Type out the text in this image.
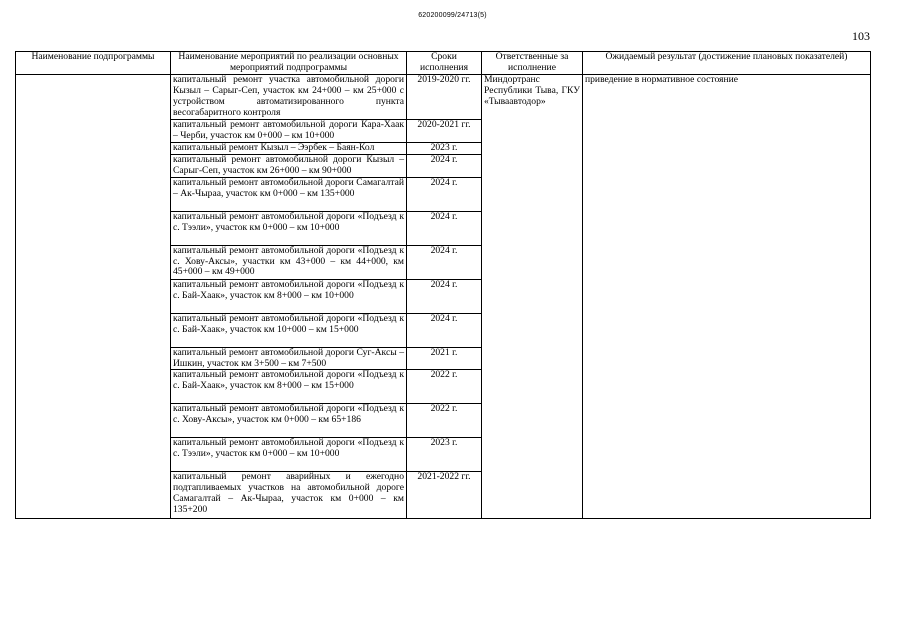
620200099/24713(5)
103
Наименование подпрограммы	Наименование мероприятий по реализации основных мероприятий подпрограммы	Сроки исполнения	Ответственные за исполнение	Ожидаемый результат (достижение плановых показателей)
	капитальный ремонт участка автомобильной дороги Кызыл – Сарыг-Сеп, участок км 24+000 – км 25+000 с устройством автоматизированного пункта весогабаритного контроля	2019-2020 гг.	Миндортранс Республики Тыва, ГКУ «Тываавтодор»	приведение в нормативное состояние
	капитальный ремонт автомобильной дороги Кара-Хаак – Черби, участок км 0+000 – км 10+000	2020-2021 гг.		
	капитальный ремонт Кызыл – Ээрбек – Баян-Кол	2023 г.		
	капитальный ремонт автомобильной дороги Кызыл – Сарыг-Сеп, участок км 26+000 – км 90+000	2024 г.		
	капитальный ремонт автомобильной дороги Самагалтай – Ак-Чыраа, участок км 0+000 – км 135+000	2024 г.		
	капитальный ремонт автомобильной дороги «Подъезд к с. Тээли», участок км 0+000 – км 10+000	2024 г.		
	капитальный ремонт автомобильной дороги «Подъезд к с. Хову-Аксы», участки км 43+000 – км 44+000, км 45+000 – км 49+000	2024 г.		
	капитальный ремонт автомобильной дороги «Подъезд к с. Бай-Хаак», участок км 8+000 – км 10+000	2024 г.		
	капитальный ремонт автомобильной дороги «Подъезд к с. Бай-Хаак», участок км 10+000 – км 15+000	2024 г.		
	капитальный ремонт автомобильной дороги Суг-Аксы – Ишкин, участок км 3+500 – км 7+500	2021 г.		
	капитальный ремонт автомобильной дороги «Подъезд к с. Бай-Хаак», участок км 8+000 – км 15+000	2022 г.		
	капитальный ремонт автомобильной дороги «Подъезд к с. Хову-Аксы», участок км 0+000 – км 65+186	2022 г.		
	капитальный ремонт автомобильной дороги «Подъезд к с. Тээли», участок км 0+000 – км 10+000	2023 г.		
	капитальный ремонт аварийных и ежегодно подтапливаемых участков на автомобильной дороге Самагалтай – Ак-Чыраа, участок км 0+000 – км 135+200	2021-2022 гг.		
